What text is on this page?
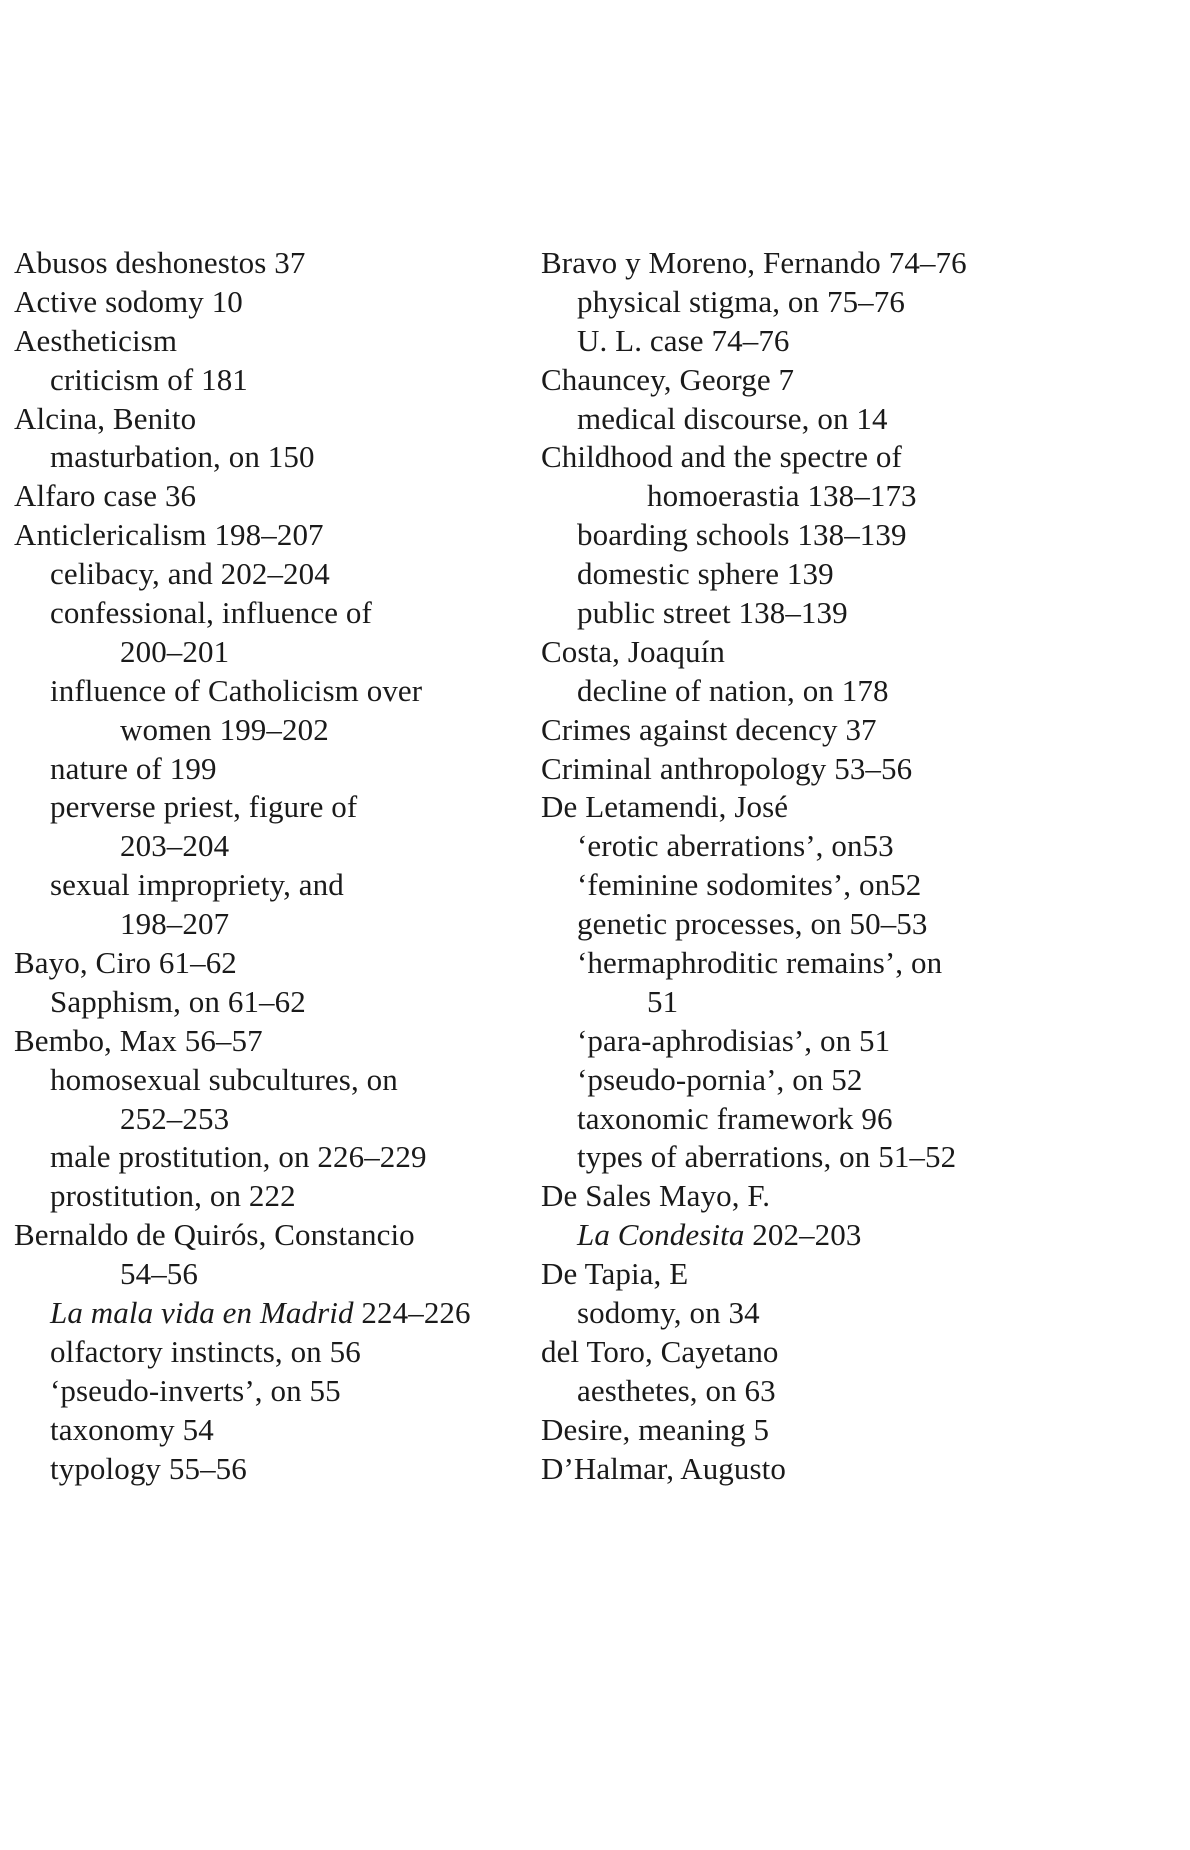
Abusos deshonestos 37
Active sodomy 10
Aestheticism
criticism of 181
Alcina, Benito
masturbation, on 150
Alfaro case 36
Anticlericalism 198–207
celibacy, and 202–204
confessional, influence of
200–201
influence of Catholicism over
women 199–202
nature of 199
perverse priest, figure of
203–204
sexual impropriety, and
198–207
Bayo, Ciro 61–62
Sapphism, on 61–62
Bembo, Max 56–57
homosexual subcultures, on
252–253
male prostitution, on 226–229
prostitution, on 222
Bernaldo de Quirós, Constancio
54–56
La mala vida en Madrid 224–226
olfactory instincts, on 56
‘pseudo-inverts’, on 55
taxonomy 54
typology 55–56
Bravo y Moreno, Fernando 74–76
physical stigma, on 75–76
U. L. case 74–76
Chauncey, George 7
medical discourse, on 14
Childhood and the spectre of
homoerastia 138–173
boarding schools 138–139
domestic sphere 139
public street 138–139
Costa, Joaquín
decline of nation, on 178
Crimes against decency 37
Criminal anthropology 53–56
De Letamendi, José
‘erotic aberrations’, on53
‘feminine sodomites’, on52
genetic processes, on 50–53
‘hermaphroditic remains’, on
51
‘para-aphrodisias’, on 51
‘pseudo-pornia’, on 52
taxonomic framework 96
types of aberrations, on 51–52
De Sales Mayo, F.
La Condesita 202–203
De Tapia, E
sodomy, on 34
del Toro, Cayetano
aesthetes, on 63
Desire, meaning 5
D’Halmar, Augusto
